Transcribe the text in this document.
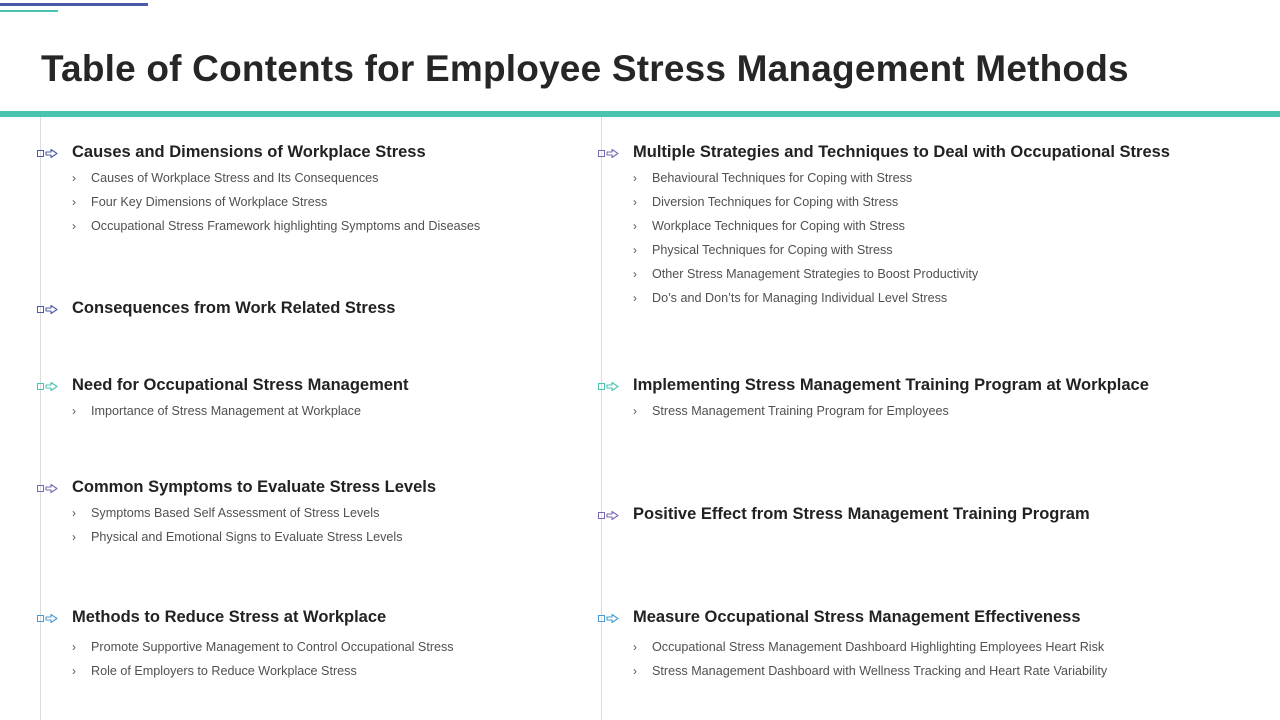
Table of Contents for Employee Stress Management Methods
Causes and Dimensions of Workplace Stress
› Causes of Workplace Stress and Its Consequences
› Four Key Dimensions of Workplace Stress
› Occupational Stress Framework highlighting Symptoms and Diseases
Consequences from Work Related Stress
Need for Occupational Stress Management
› Importance of Stress Management at Workplace
Common Symptoms to Evaluate Stress Levels
› Symptoms Based Self Assessment of Stress Levels
› Physical and Emotional Signs to Evaluate Stress Levels
Methods to Reduce Stress at Workplace
› Promote Supportive Management to Control Occupational Stress
› Role of Employers to Reduce Workplace Stress
Multiple Strategies and Techniques to Deal with Occupational Stress
› Behavioural Techniques for Coping with Stress
› Diversion Techniques for Coping with Stress
› Workplace Techniques for Coping with Stress
› Physical Techniques for Coping with Stress
› Other Stress Management Strategies to Boost Productivity
› Do’s and Don’ts for Managing Individual Level Stress
Implementing Stress Management Training Program at Workplace
› Stress Management Training Program for Employees
Positive Effect from Stress Management Training Program
Measure Occupational Stress Management Effectiveness
› Occupational Stress Management Dashboard Highlighting Employees Heart Risk
› Stress Management Dashboard with Wellness Tracking and Heart Rate Variability
